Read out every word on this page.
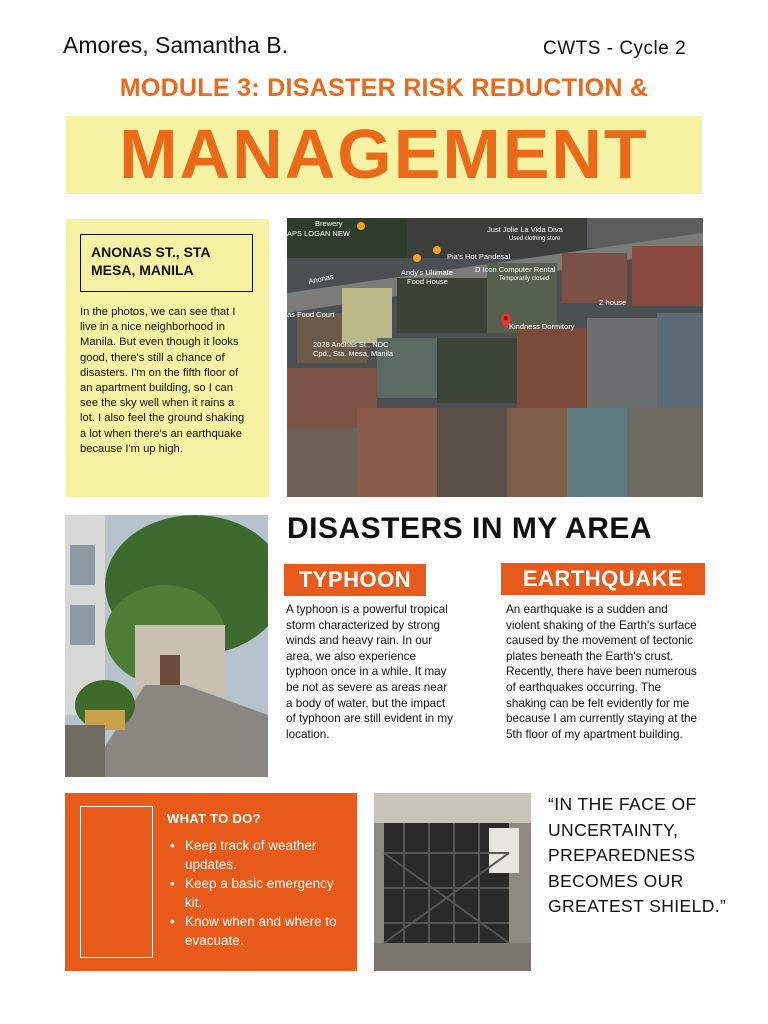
Amores, Samantha B.	CWTS - Cycle 2
MODULE 3: DISASTER RISK REDUCTION &
MANAGEMENT
ANONAS ST., STA MESA, MANILA
In the photos, we can see that I live in a nice neighborhood in Manila. But even though it looks good, there's still a chance of disasters. I'm on the fifth floor of an apartment building, so I can see the sky well when it rains a lot. I also feel the ground shaking a lot when there's an earthquake because I'm up high.
Brewery
APS LOGAN NEW	Just Jolie La Vida Diva
Used clothing store
Pia's Hot Pandesal
Andy's Ultimate
Food House
D Icon Computer Rental
Temporarily closed
Anonas
Z house
as Food Court
Kindness Dormitory
2028 Anonas St., NDC
Cpd., Sta. Mesa, Manila
DISASTERS IN MY AREA
TYPHOON	EARTHQUAKE
A typhoon is a powerful tropical storm characterized by strong winds and heavy rain. In our area, we also experience typhoon once in a while. It may be not as severe as areas near a body of water, but the impact of typhoon are still evident in my location.
An earthquake is a sudden and violent shaking of the Earth's surface caused by the movement of tectonic plates beneath the Earth's crust. Recently, there have been numerous of earthquakes occurring. The shaking can be felt evidently for me because I am currently staying at the 5th floor of my apartment building.
WHAT TO DO?
• Keep track of weather updates.
• Keep a basic emergency kit.
• Know when and where to evacuate.
“IN THE FACE OF UNCERTAINTY, PREPAREDNESS BECOMES OUR GREATEST SHIELD.”
